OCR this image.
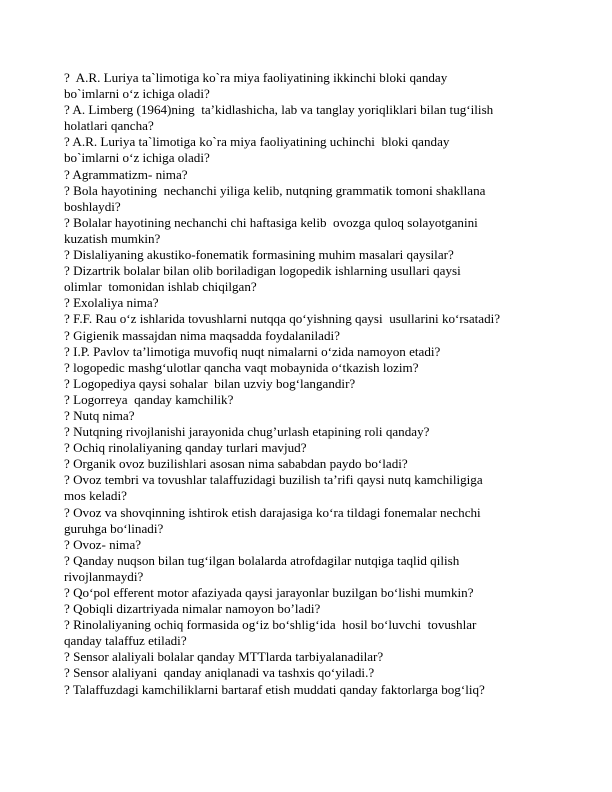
?  A.R. Luriya ta`limotiga ko`ra miya faoliyatining ikkinchi bloki qanday
bo`imlarni o‘z ichiga oladi?

? A. Limberg (1964)ning  ta’kidlashicha, lab va tanglay yoriqliklari bilan tug‘ilish
holatlari qancha?

? A.R. Luriya ta`limotiga ko`ra miya faoliyatining uchinchi  bloki qanday
bo`imlarni o‘z ichiga oladi?

? Agrammatizm- nima?

? Bola hayotining  nechanchi yiliga kelib, nutqning grammatik tomoni shakllana
boshlaydi?

? Bolalar hayotining nechanchi chi haftasiga kelib  ovozga quloq solayotganini
kuzatish mumkin?

? Dislaliyaning akustiko-fonematik formasining muhim masalari qaysilar?

? Dizartrik bolalar bilan olib boriladigan logopedik ishlarning usullari qaysi
olimlar  tomonidan ishlab chiqilgan?

? Exolaliya nima?

? F.F. Rau o‘z ishlarida tovushlarni nutqqa qo‘yishning qaysi  usullarini ko‘rsatadi?

? Gigienik massajdan nima maqsadda foydalaniladi?

? I.P. Pavlov ta’limotiga muvofiq nuqt nimalarni o‘zida namoyon etadi?

? logopedic mashg‘ulotlar qancha vaqt mobaynida o‘tkazish lozim?

? Logopediya qaysi sohalar  bilan uzviy bog‘langandir?

? Logorreya  qanday kamchilik?

? Nutq nima?

? Nutqning rivojlanishi jarayonida chug’urlash etapining roli qanday?

? Ochiq rinolaliyaning qanday turlari mavjud?

? Organik ovoz buzilishlari asosan nima sababdan paydo bo‘ladi?

? Ovoz tembri va tovushlar talaffuzidagi buzilish ta’rifi qaysi nutq kamchiligiga
mos keladi?

? Ovoz va shovqinning ishtirok etish darajasiga ko‘ra tildagi fonemalar nechchi
guruhga bo‘linadi?

? Ovoz- nima?

? Qanday nuqson bilan tug‘ilgan bolalarda atrofdagilar nutqiga taqlid qilish
rivojlanmaydi?

? Qo‘pol efferent motor afaziyada qaysi jarayonlar buzilgan bo‘lishi mumkin?

? Qobiqli dizartriyada nimalar namoyon bo’ladi?

? Rinolaliyaning ochiq formasida og‘iz bo‘shlig‘ida  hosil bo‘luvchi  tovushlar
qanday talaffuz etiladi?

? Sensor alaliyali bolalar qanday MTTlarda tarbiyalanadilar?

? Sensor alaliyani  qanday aniqlanadi va tashxis qo‘yiladi.?

? Talaffuzdagi kamchiliklarni bartaraf etish muddati qanday faktorlarga bog‘liq?
